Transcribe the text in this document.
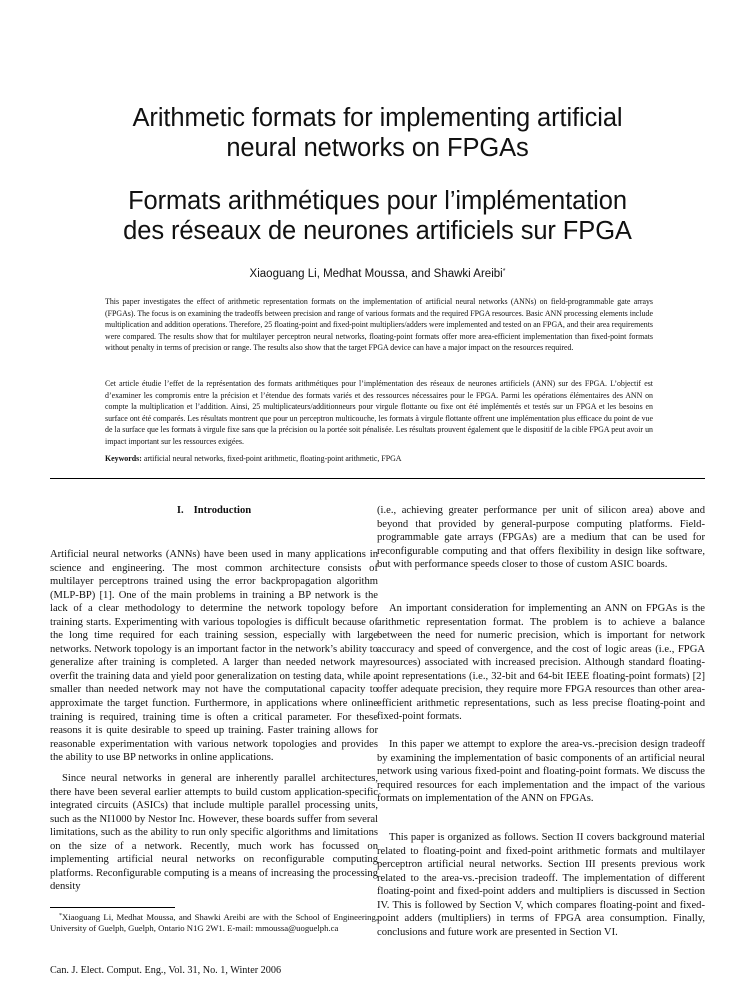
Arithmetic formats for implementing artificial
neural networks on FPGAs
Formats arithmétiques pour l’implémentation
des réseaux de neurones artificiels sur FPGA
Xiaoguang Li, Medhat Moussa, and Shawki Areibi*
This paper investigates the effect of arithmetic representation formats on the implementation of artificial neural networks (ANNs) on field-programmable gate arrays (FPGAs). The focus is on examining the tradeoffs between precision and range of various formats and the required FPGA resources. Basic ANN processing elements include multiplication and addition operations. Therefore, 25 floating-point and fixed-point multipliers/adders were implemented and tested on an FPGA, and their area requirements were compared. The results show that for multilayer perceptron neural networks, floating-point formats offer more area-efficient implementation than fixed-point formats without penalty in terms of precision or range. The results also show that the target FPGA device can have a major impact on the resources required.
Cet article étudie l’effet de la représentation des formats arithmétiques pour l’implémentation des réseaux de neurones artificiels (ANN) sur des FPGA. L’objectif est d’examiner les compromis entre la précision et l’étendue des formats variés et des ressources nécessaires pour le FPGA. Parmi les opérations élémentaires des ANN on compte la multiplication et l’addition. Ainsi, 25 multiplicateurs/additionneurs pour virgule flottante ou fixe ont été implémentés et testés sur un FPGA et les besoins en surface ont été comparés. Les résultats montrent que pour un perceptron multicouche, les formats à virgule flottante offrent une implémentation plus efficace du point de vue de la surface que les formats à virgule fixe sans que la précision ou la portée soit pénalisée. Les résultats prouvent également que le dispositif de la cible FPGA peut avoir un impact important sur les ressources exigées.
Keywords: artificial neural networks, fixed-point arithmetic, floating-point arithmetic, FPGA
I. Introduction

Artificial neural networks (ANNs) have been used in many applications in science and engineering. The most common architecture consists of multilayer perceptrons trained using the error backpropagation algorithm (MLP-BP) [1]. One of the main problems in training a BP network is the lack of a clear methodology to determine the network topology before training starts. Experimenting with various topologies is difficult because of the long time required for each training session, especially with large networks. Network topology is an important factor in the network’s ability to generalize after training is completed. A larger than needed network may overfit the training data and yield poor generalization on testing data, while a smaller than needed network may not have the computational capacity to approximate the target function. Furthermore, in applications where online training is required, training time is often a critical parameter. For these reasons it is quite desirable to speed up training. Faster training allows for reasonable experimentation with various network topologies and provides the ability to use BP networks in online applications.

Since neural networks in general are inherently parallel architectures, there have been several earlier attempts to build custom application-specific integrated circuits (ASICs) that include multiple parallel processing units, such as the NI1000 by Nestor Inc. However, these boards suffer from several limitations, such as the ability to run only specific algorithms and limitations on the size of a network. Recently, much work has focussed on implementing artificial neural networks on reconfigurable computing platforms. Reconfigurable computing is a means of increasing the processing density

(i.e., achieving greater performance per unit of silicon area) above and beyond that provided by general-purpose computing platforms. Field-programmable gate arrays (FPGAs) are a medium that can be used for reconfigurable computing and that offers flexibility in design like software, but with performance speeds closer to those of custom ASIC boards.

An important consideration for implementing an ANN on FPGAs is the arithmetic representation format. The problem is to achieve a balance between the need for numeric precision, which is important for network accuracy and speed of convergence, and the cost of logic areas (i.e., FPGA resources) associated with increased precision. Although standard floating-point representations (i.e., 32-bit and 64-bit IEEE floating-point formats) [2] offer adequate precision, they require more FPGA resources than other area-efficient arithmetic representations, such as less precise floating-point and fixed-point formats.

In this paper we attempt to explore the area-vs.-precision design tradeoff by examining the implementation of basic components of an artificial neural network using various fixed-point and floating-point formats. We discuss the required resources for each implementation and the impact of the various formats on implementation of the ANN on FPGAs.

This paper is organized as follows. Section II covers background material related to floating-point and fixed-point arithmetic formats and multilayer perceptron artificial neural networks. Section III presents previous work related to the area-vs.-precision tradeoff. The implementation of different floating-point and fixed-point adders and multipliers is discussed in Section IV. This is followed by Section V, which compares floating-point and fixed-point adders (multipliers) in terms of FPGA area consumption. Finally, conclusions and future work are presented in Section VI.

*Xiaoguang Li, Medhat Moussa, and Shawki Areibi are with the School of Engineering, University of Guelph, Guelph, Ontario N1G 2W1. E-mail: mmoussa@uoguelph.ca
Can. J. Elect. Comput. Eng., Vol. 31, No. 1, Winter 2006
